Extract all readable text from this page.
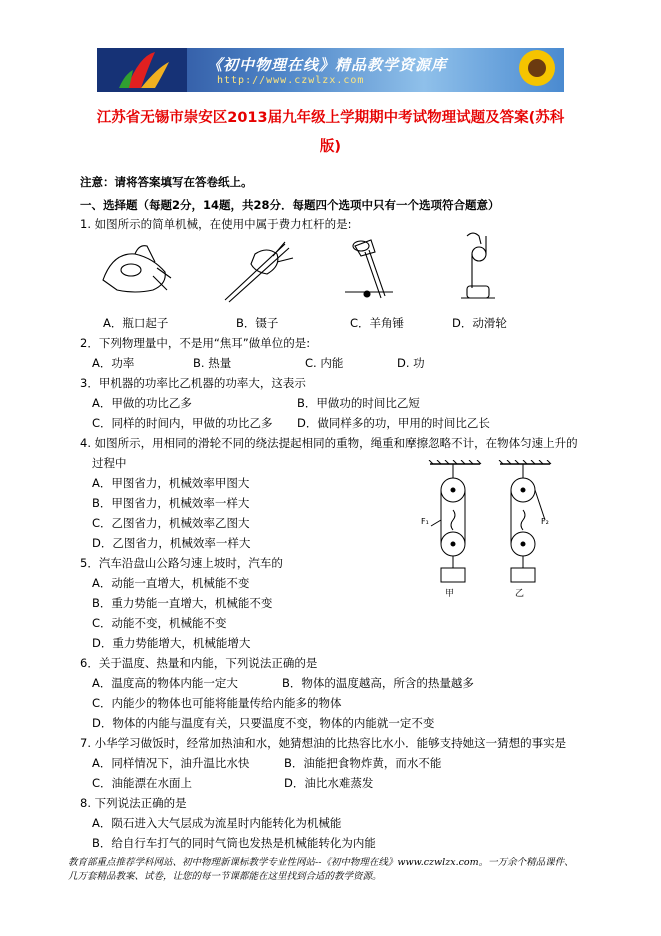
《初中物理在线》精品教学资源库
http://www.czwlzx.com
江苏省无锡市崇安区2013届九年级上学期期中考试物理试题及答案(苏科
版)
注意：请将答案填写在答卷纸上。
一、选择题（每题2分，14题，共28分．每题四个选项中只有一个选项符合题意）
1. 如图所示的简单机械，在使用中属于费力杠杆的是:
A．瓶口起子	B．镊子	C．羊角锤	D．动滑轮
2．下列物理量中，不是用“焦耳”做单位的是:
A．功率	B. 热量	C. 内能	D. 功
3．甲机器的功率比乙机器的功率大，这表示
A．甲做的功比乙多	B．甲做功的时间比乙短
C．同样的时间内，甲做的功比乙多 D．做同样多的功，甲用的时间比乙长
4. 如图所示，用相同的滑轮不同的绕法提起相同的重物，绳重和摩擦忽略不计，在物体匀速上升的
过程中
A．甲图省力，机械效率甲图大
B．甲图省力，机械效率一样大
C．乙图省力，机械效率乙图大
D．乙图省力，机械效率一样大
F₁	F₂
甲	乙
5．汽车沿盘山公路匀速上坡时，汽车的
A．动能一直增大，机械能不变
B．重力势能一直增大，机械能不变
C．动能不变，机械能不变
D．重力势能增大，机械能增大
6．关于温度、热量和内能，下列说法正确的是
A．温度高的物体内能一定大	B．物体的温度越高，所含的热量越多
C．内能少的物体也可能将能量传给内能多的物体
D．物体的内能与温度有关，只要温度不变，物体的内能就一定不变
7. 小华学习做饭时，经常加热油和水，她猜想油的比热容比水小．能够支持她这一猜想的事实是
A．同样情况下，油升温比水快	B．油能把食物炸黄，而水不能
C．油能漂在水面上	D．油比水难蒸发
8. 下列说法正确的是
A．陨石进入大气层成为流星时内能转化为机械能
B．给自行车打气的同时气筒也发热是机械能转化为内能
教育部重点推荐学科网站、初中物理新课标教学专业性网站--《初中物理在线》www.czwlzx.com。一万余个精品课件、
几万套精品教案、试卷，让您的每一节课都能在这里找到合适的教学资源。
